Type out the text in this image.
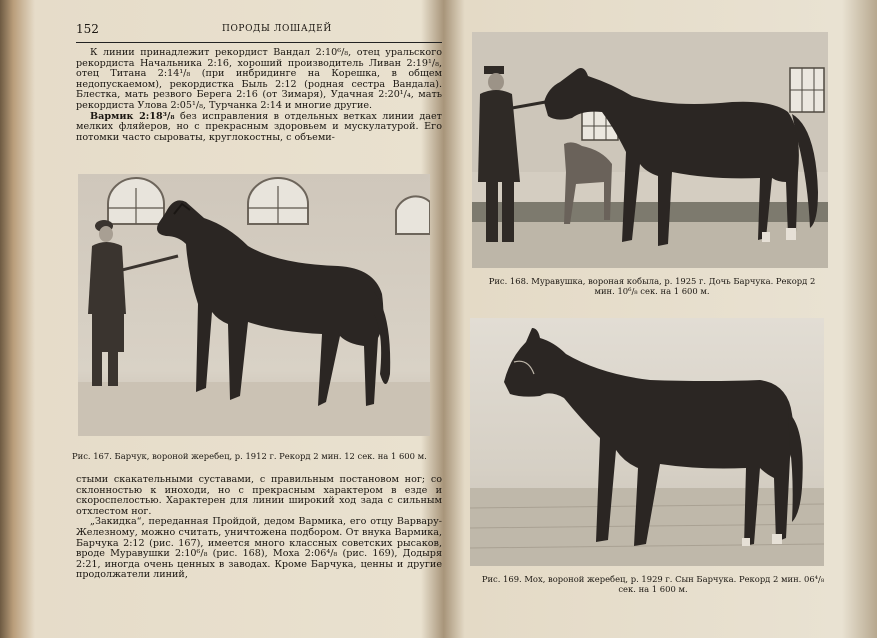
152	ПОРОДЫ ЛОШАДЕЙ

К линии принадлежит рекордист Вандал 2:10⁶/₈, отец уральского рекордиста Начальника 2:16, хороший производитель Ливан 2:19¹/₈, отец Титана 2:14¹/₈ (при инбридинге на Корешка, в общем недопускаемом), рекордистка Быль 2:12 (родная сестра Вандала). Блестка, мать резвого Берега 2:16 (от Зимаря), Удачная 2:20¹/₄, мать рекордиста Улова 2:05¹/₈, Турчанка 2:14 и многие другие.

Вармик 2:18³/₈ без исправления в отдельных ветках линии дает мелких фляйеров, но с прекрасным здоровьем и мускулатурой. Его потомки часто сыроваты, круглокостны, с объеми-

Рис. 167. Барчук, вороной жеребец, р. 1912 г. Рекорд 2 мин. 12 сек. на 1 600 м.

стыми скакательными суставами, с правильным постановом ног; со склонностью к иноходи, но с прекрасным характером в езде и скороспелостью. Характерен для линии широкий ход зада с сильным отхлестом ног.

„Закидка“, переданная Пройдой, дедом Вармика, его отцу Варвару-Железному, можно считать, уничтожена подбором. От внука Вармика, Барчука 2:12 (рис. 167), имеется много классных советских рысаков, вроде Муравушки 2:10⁶/₈ (рис. 168), Моха 2:06⁴/₈ (рис. 169), Додыря 2:21, иногда очень ценных в заводах. Кроме Барчука, ценны и другие продолжатели линий,

Рис. 168. Муравушка, вороная кобыла, р. 1925 г. Дочь Барчука. Рекорд 2 мин. 10⁶/₈ сек. на 1 600 м.
Рис. 169. Мох, вороной жеребец, р. 1929 г. Сын Барчука. Рекорд 2 мин. 06⁴/₈ сек. на 1 600 м.
